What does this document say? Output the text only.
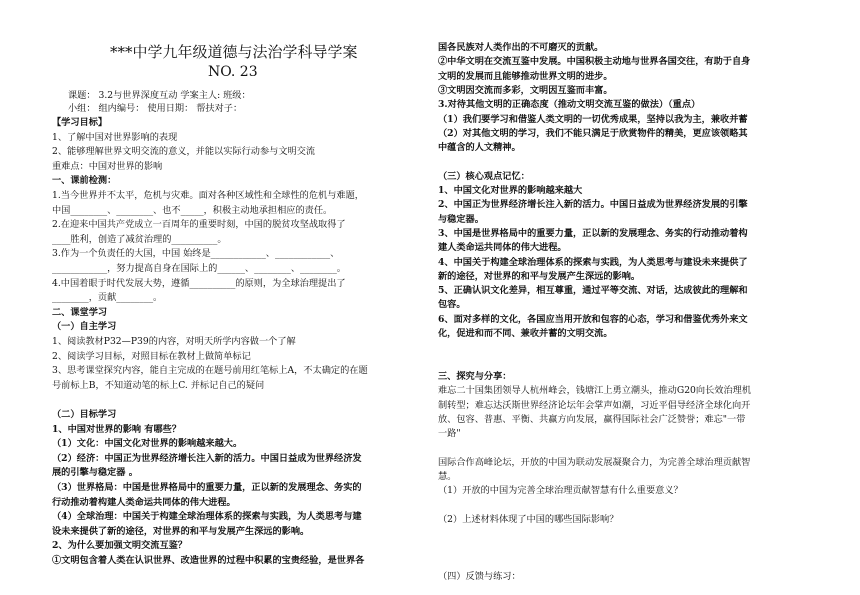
***中学九年级道德与法治学科导学案
NO. 23
课题： 3.2与世界深度互动 学案主人: 班级：
小组： 组内编号： 使用日期： 帮扶对子：
【学习目标】
1、了解中国对世界影响的表现
2、能够理解世界文明交流的意义，并能以实际行动参与文明交流
重难点：中国对世界的影响
一、课前检测：
1.当今世界并不太平，危机与灾难。面对各种区域性和全球性的危机与难题，
中国________、________、也不_____，积极主动地承担相应的责任。
2.在迎来中国共产党成立一百周年的重要时刻，中国的脱贫攻坚战取得了
____胜利，创造了减贫治理的__________。
3.作为一个负责任的大国，中国 始终是____________、____________、
____________，努力提高自身在国际上的______、________、________。
4.中国着眼于时代发展大势，遵循__________的原则，为全球治理提出了
________，贡献________。
二、课堂学习
（一）自主学习
1、阅读教材P32—P39的内容，对明天所学内容做一个了解
2、阅读学习目标，对照目标在教材上做简单标记
3、思考课堂探究内容，能自主完成的在题号前用红笔标上A，不太确定的在题
号前标上B，不知道动笔的标上C. 并标记自己的疑问
（二）目标学习
1、中国对世界的影响 有哪些？
（1）文化：中国文化对世界的影响越来越大。
（2）经济：中国正为世界经济增长注入新的活力。中国日益成为世界经济发
展的引擎与稳定器 。
（3）世界格局：中国是世界格局中的重要力量，正以新的发展理念、务实的
行动推动着构建人类命运共同体的伟大进程。
（4）全球治理：中国关于构建全球治理体系的探索与实践，为人类思考与建
设未来提供了新的途径，对世界的和平与发展产生深远的影响。
2、为什么要加强文明交流互鉴？
①文明包含着人类在认识世界、改造世界的过程中积累的宝贵经验，是世界各
国各民族对人类作出的不可磨灭的贡献。
②中华文明在交流互鉴中发展。中国积极主动地与世界各国交往，有助于自身
文明的发展而且能够推动世界文明的进步。
③文明因交流而多彩，文明因互鉴而丰富。
3.对待其他文明的正确态度（推动文明交流互鉴的做法）（重点）
（1）我们要学习和借鉴人类文明的一切优秀成果，坚持以我为主，兼收并蓄
（2）对其他文明的学习，我们不能只满足于欣赏物件的精美，更应该领略其
中蕴含的人文精神。
（三）核心观点记忆：
1、中国文化对世界的影响越来越大
2、中国正为世界经济增长注入新的活力。中国日益成为世界经济发展的引擎
与稳定器。
3、中国是世界格局中的重要力量，正以新的发展理念、务实的行动推动着构
建人类命运共同体的伟大进程。
4、中国关于构建全球治理体系的探索与实践，为人类思考与建设未来提供了
新的途径，对世界的和平与发展产生深远的影响。
5、正确认识文化差异，相互尊重，通过平等交流、对话，达成彼此的理解和
包容。
6、面对多样的文化，各国应当用开放和包容的心态，学习和借鉴优秀外来文
化，促进和而不同、兼收并蓄的文明交流。
三、探究与分享：
难忘二十国集团领导人杭州峰会，钱塘江上勇立潮头，推动G20向长效治理机
制转型；难忘达沃斯世界经济论坛年会掌声如潮，习近平倡导经济全球化向开
放、包容、普惠、平衡、共赢方向发展，赢得国际社会广泛赞誉；难忘"一带
一路"
国际合作高峰论坛，开放的中国为联动发展凝聚合力，为完善全球治理贡献智
慧。
（1）开放的中国为完善全球治理贡献智慧有什么重要意义？
（2）上述材料体现了中国的哪些国际影响？
（四）反馈与练习：
